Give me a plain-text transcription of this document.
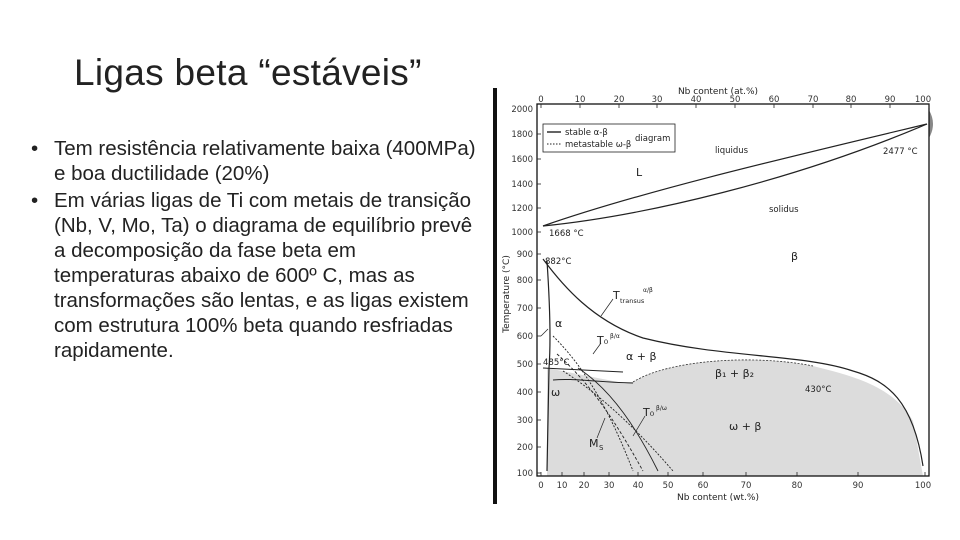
Ligas beta “estáveis”
• Tem resistência relativamente baixa (400MPa) e boa ductilidade (20%)
• Em várias ligas de Ti com metais de transição (Nb, V, Mo, Ta) o diagrama de equilíbrio prevê a decomposição da fase beta em temperaturas abaixo de 600º C, mas as transformações são lentas, e as ligas existem com estrutura 100% beta quando resfriadas rapidamente.
0	10	20	30	40	50	60	70	80	90 100
Nb content (at.%)
0 10 20 30 40 50	60	70	80	90	100
Nb content (wt.%)
100
200
300
400
500
600
700
800
900
1000
1200
1400
1600
1800
2000
Temperature (°C)
stable α-β
metastable ω-β
diagram
liquidus
solidus
L
β
2477 °C
1668 °C
882°C
485°C
430°C
α
α + β
β₁ + β₂
ω
ω + β
T transus
α/β
T₀ β/α
T₀ β/ω
M S
